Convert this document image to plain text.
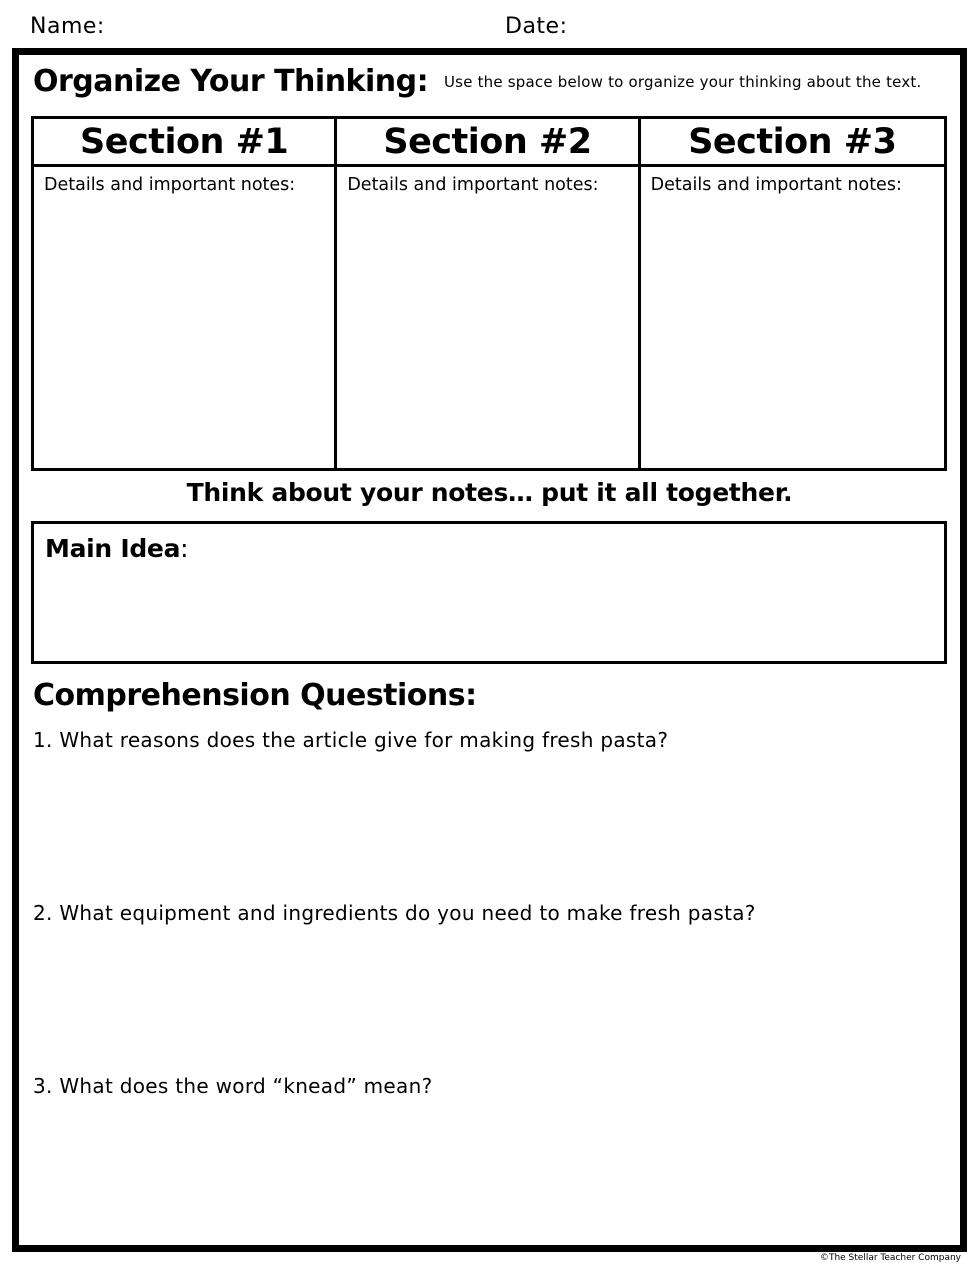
Name:	Date:
Organize Your Thinking: Use the space below to organize your thinking about the text.
Section #1	Section #2	Section #3
Details and important notes:	Details and important notes:	Details and important notes:
Think about your notes… put it all together.
Main Idea:
Comprehension Questions:
1. What reasons does the article give for making fresh pasta?
2. What equipment and ingredients do you need to make fresh pasta?
3. What does the word “knead” mean?
©The Stellar Teacher Company
